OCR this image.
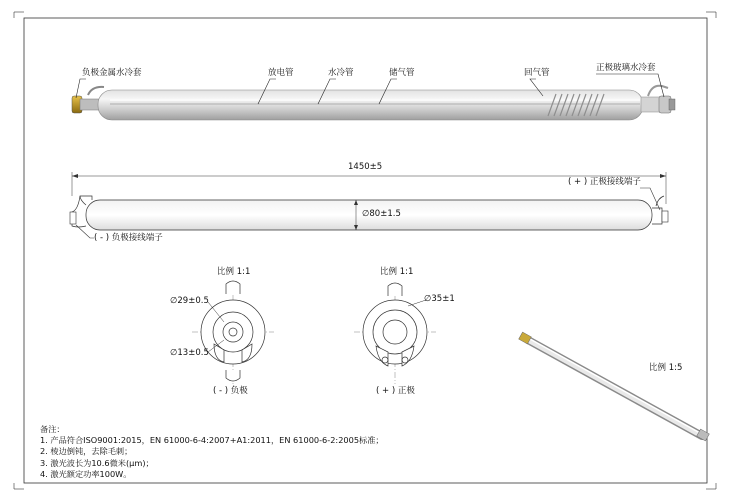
负极金属水冷套	放电管	水冷管	储气管	回气管	正极玻璃水冷套
1450±5
∅80±1.5
( + ) 正极接线端子
( - ) 负极接线端子
比例 1:1
∅29±0.5
∅13±0.5
( - ) 负极
比例 1:1
∅35±1
( + ) 正极
比例 1:5
备注：
1. 产品符合ISO9001:2015，EN 61000-6-4:2007+A1:2011，EN 61000-6-2:2005标准；
2. 棱边倒钝，去除毛刺；
3. 激光波长为10.6微米(μm)；
4. 激光额定功率100W。
